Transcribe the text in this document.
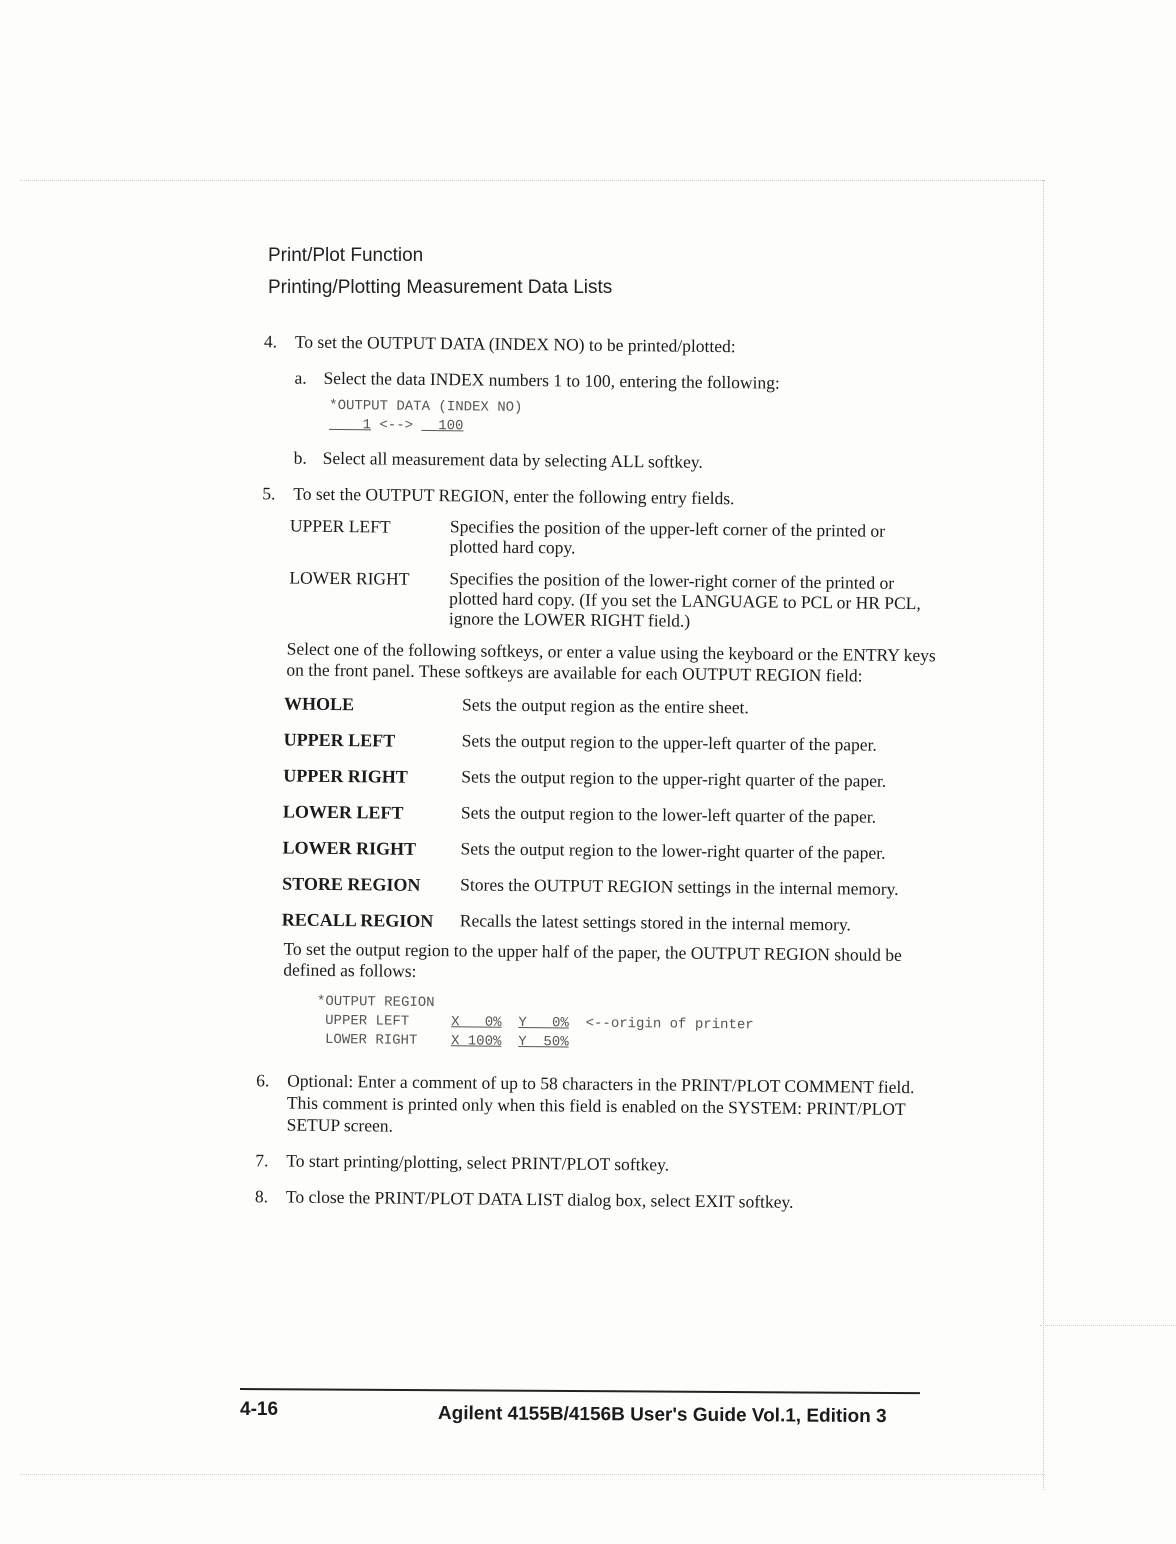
Print/Plot Function
Printing/Plotting Measurement Data Lists
4. To set the OUTPUT DATA (INDEX NO) to be printed/plotted:
a. Select the data INDEX numbers 1 to 100, entering the following:
*OUTPUT DATA (INDEX NO)
1 <--> 100
b. Select all measurement data by selecting ALL softkey.
5. To set the OUTPUT REGION, enter the following entry fields.
UPPER LEFT	Specifies the position of the upper-left corner of the printed or plotted hard copy.
LOWER RIGHT	Specifies the position of the lower-right corner of the printed or plotted hard copy. (If you set the LANGUAGE to PCL or HR PCL, ignore the LOWER RIGHT field.)
Select one of the following softkeys, or enter a value using the keyboard or the ENTRY keys on the front panel. These softkeys are available for each OUTPUT REGION field:
WHOLE	Sets the output region as the entire sheet.
UPPER LEFT	Sets the output region to the upper-left quarter of the paper.
UPPER RIGHT	Sets the output region to the upper-right quarter of the paper.
LOWER LEFT	Sets the output region to the lower-left quarter of the paper.
LOWER RIGHT	Sets the output region to the lower-right quarter of the paper.
STORE REGION	Stores the OUTPUT REGION settings in the internal memory.
RECALL REGION	Recalls the latest settings stored in the internal memory.
To set the output region to the upper half of the paper, the OUTPUT REGION should be defined as follows:
*OUTPUT REGION
UPPER LEFT	X   0% Y   0% <--origin of printer
LOWER RIGHT X 100% Y  50%
6. Optional: Enter a comment of up to 58 characters in the PRINT/PLOT COMMENT field. This comment is printed only when this field is enabled on the SYSTEM: PRINT/PLOT SETUP screen.
7. To start printing/plotting, select PRINT/PLOT softkey.
8. To close the PRINT/PLOT DATA LIST dialog box, select EXIT softkey.
4-16	Agilent 4155B/4156B User's Guide Vol.1, Edition 3
